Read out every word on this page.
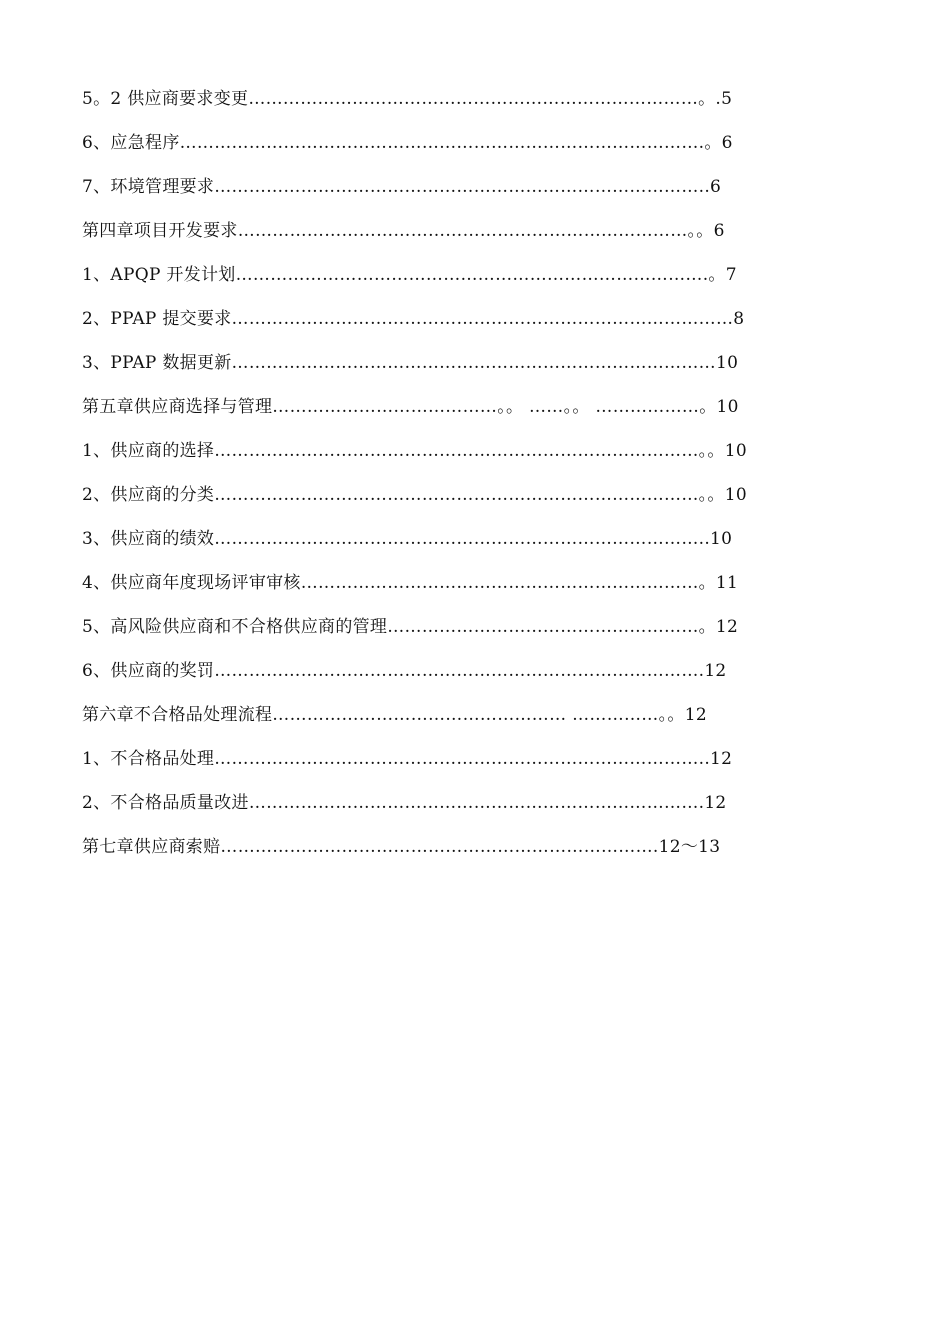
5。2 供应商要求变更……………………………………………………………………。.5
6、应急程序……………………………………………………………………………….。6
7、环境管理要求…………………………………………………………………………..6
第四章项目开发要求……………………………………………………………………。。6
1、APQP 开发计划……………………………………………………………………….。7
2、PPAP 提交要求……………………………………………………………………………8
3、PPAP 数据更新…………………………………………………………………………10
第五章供应商选择与管理…………………………………。。 ……。。 ………………。10
1、供应商的选择…………………………………………………………………………。。10
2、供应商的分类…………………………………………………………………………。。10
3、供应商的绩效…………………………………………………………………………..10
4、供应商年度现场评审审核……………………………………………………………。11
5、高风险供应商和不合格供应商的管理………………………………………………。12
6、供应商的奖罚………………………………………………………………………….12
第六章不合格品处理流程…………………………………………… ……………。。12
1、不合格品处理…………………………………………………………………………..12
2、不合格品质量改进…………………………………………………………………….12
第七章供应商索赔………………………………………………………………….12～13
